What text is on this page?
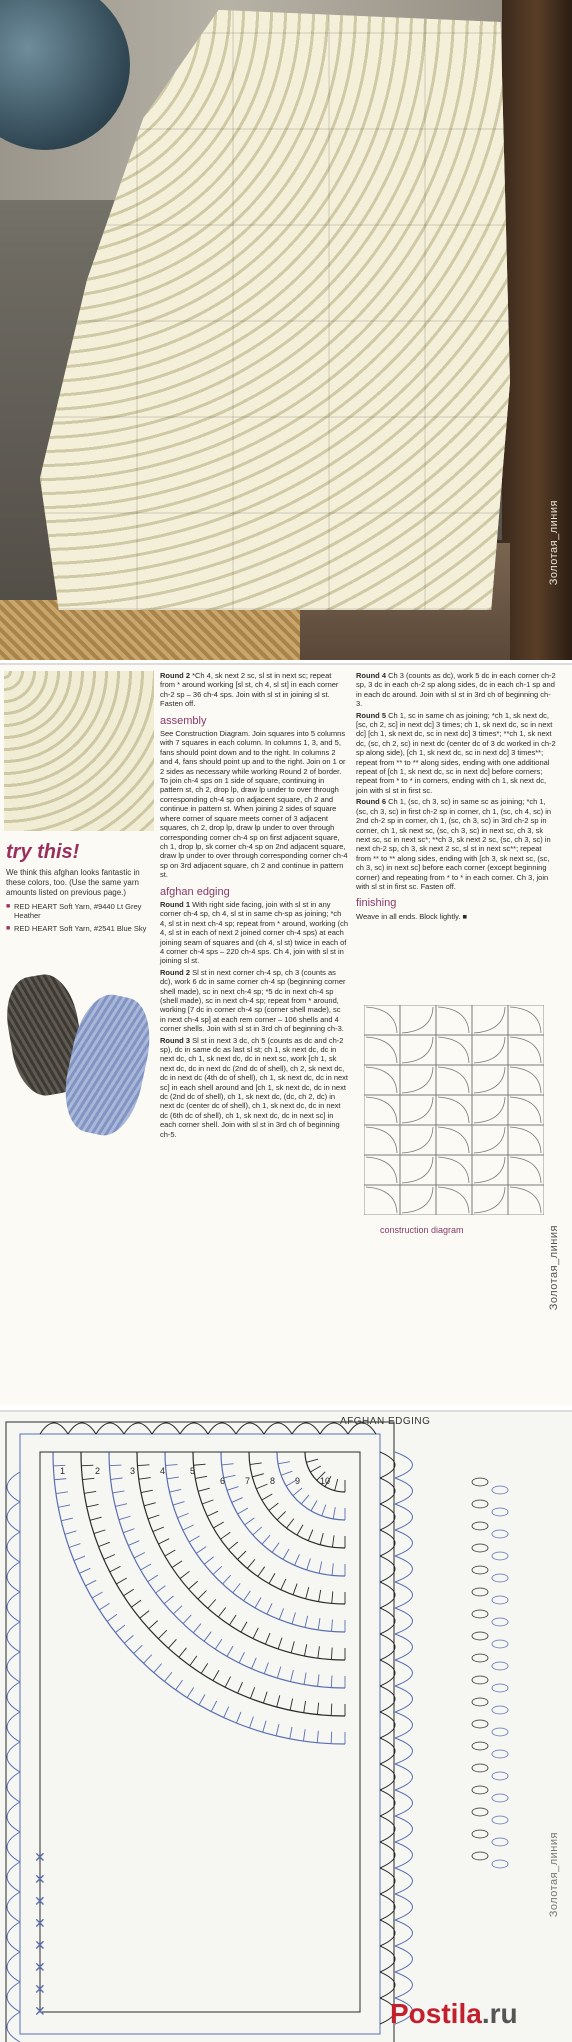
Золотая_линия
try this!
We think this afghan looks fantastic in these colors, too. (Use the same yarn amounts listed on previous page.)
■ RED HEART Soft Yarn, #9440 Lt Grey Heather
■ RED HEART Soft Yarn, #2541 Blue Sky

Round 2 *Ch 4, sk next 2 sc, sl st in next sc; repeat from * around working [sl st, ch 4, sl st] in each corner ch-2 sp – 36 ch-4 sps. Join with sl st in joining sl st. Fasten off.

assembly

See Construction Diagram. Join squares into 5 columns with 7 squares in each column. In columns 1, 3, and 5, fans should point down and to the right. In columns 2 and 4, fans should point up and to the right. Join on 1 or 2 sides as necessary while working Round 2 of border. To join ch-4 sps on 1 side of square, continuing in pattern st, ch 2, drop lp, draw lp under to over through corresponding ch-4 sp on adjacent square, ch 2 and continue in pattern st. When joining 2 sides of square where corner of square meets corner of 3 adjacent squares, ch 2, drop lp, draw lp under to over through corresponding corner ch-4 sp on first adjacent square, ch 1, drop lp, sk corner ch-4 sp on 2nd adjacent square, draw lp under to over through corresponding corner ch-4 sp on 3rd adjacent square, ch 2 and continue in pattern st.

afghan edging

Round 1 With right side facing, join with sl st in any corner ch-4 sp, ch 4, sl st in same ch-sp as joining; *ch 4, sl st in next ch-4 sp; repeat from * around, working (ch 4, sl st in each of next 2 joined corner ch-4 sps) at each joining seam of squares and (ch 4, sl st) twice in each of 4 corner ch-4 sps – 220 ch-4 sps. Ch 4, join with sl st in joining sl st.

Round 2 Sl st in next corner ch-4 sp, ch 3 (counts as dc), work 6 dc in same corner ch-4 sp (beginning corner shell made), sc in next ch-4 sp; *5 dc in next ch-4 sp (shell made), sc in next ch-4 sp; repeat from * around, working [7 dc in corner ch-4 sp (corner shell made), sc in next ch-4 sp] at each rem corner – 106 shells and 4 corner shells. Join with sl st in 3rd ch of beginning ch-3.

Round 3 Sl st in next 3 dc, ch 5 (counts as dc and ch-2 sp), dc in same dc as last sl st; ch 1, sk next dc, dc in next dc, ch 1, sk next dc, dc in next sc, work [ch 1, sk next dc, dc in next dc (2nd dc of shell), ch 2, sk next dc, dc in next dc (4th dc of shell), ch 1, sk next dc, dc in next sc] in each shell around and [ch 1, sk next dc, dc in next dc (2nd dc of shell), ch 1, sk next dc, (dc, ch 2, dc) in next dc (center dc of shell), ch 1, sk next dc, dc in next dc (6th dc of shell), ch 1, sk next dc, dc in next sc] in each corner shell. Join with sl st in 3rd ch of beginning ch-5.

Round 4 Ch 3 (counts as dc), work 5 dc in each corner ch-2 sp, 3 dc in each ch-2 sp along sides, dc in each ch-1 sp and in each dc around. Join with sl st in 3rd ch of beginning ch-3.

Round 5 Ch 1, sc in same ch as joining; *ch 1, sk next dc, [sc, ch 2, sc] in next dc] 3 times; ch 1, sk next dc, sc in next dc] [ch 1, sk next dc, sc in next dc] 3 times*; **ch 1, sk next dc, (sc, ch 2, sc) in next dc (center dc of 3 dc worked in ch-2 sp along side), [ch 1, sk next dc, sc in next dc] 3 times**; repeat from ** to ** along sides, ending with one additional repeat of [ch 1, sk next dc, sc in next dc] before corners; repeat from * to * in corners, ending with ch 1, sk next dc, join with sl st in first sc.

Round 6 Ch 1, (sc, ch 3, sc) in same sc as joining; *ch 1, (sc, ch 3, sc) in first ch-2 sp in corner, ch 1, (sc, ch 4, sc) in 2nd ch-2 sp in corner, ch 1, (sc, ch 3, sc) in 3rd ch-2 sp in corner, ch 1, sk next sc, (sc, ch 3, sc) in next sc, ch 3, sk next sc, sc in next sc*; **ch 3, sk next 2 sc, (sc, ch 3, sc) in next ch-2 sp, ch 3, sk next 2 sc, sl st in next sc**; repeat from ** to ** along sides, ending with [ch 3, sk next sc, (sc, ch 3, sc) in next sc] before each corner (except beginning corner) and repeating from * to * in each corner. Ch 3, join with sl st in first sc. Fasten off.

finishing

Weave in all ends. Block lightly. ■

construction diagram	Золотая_линия
✕
✕
✕
✕
✕
✕
✕
✕
1	2	3	4	5
6 7 8 9 10
AFGHAN EDGING
Золотая_линия
Postila.ru
